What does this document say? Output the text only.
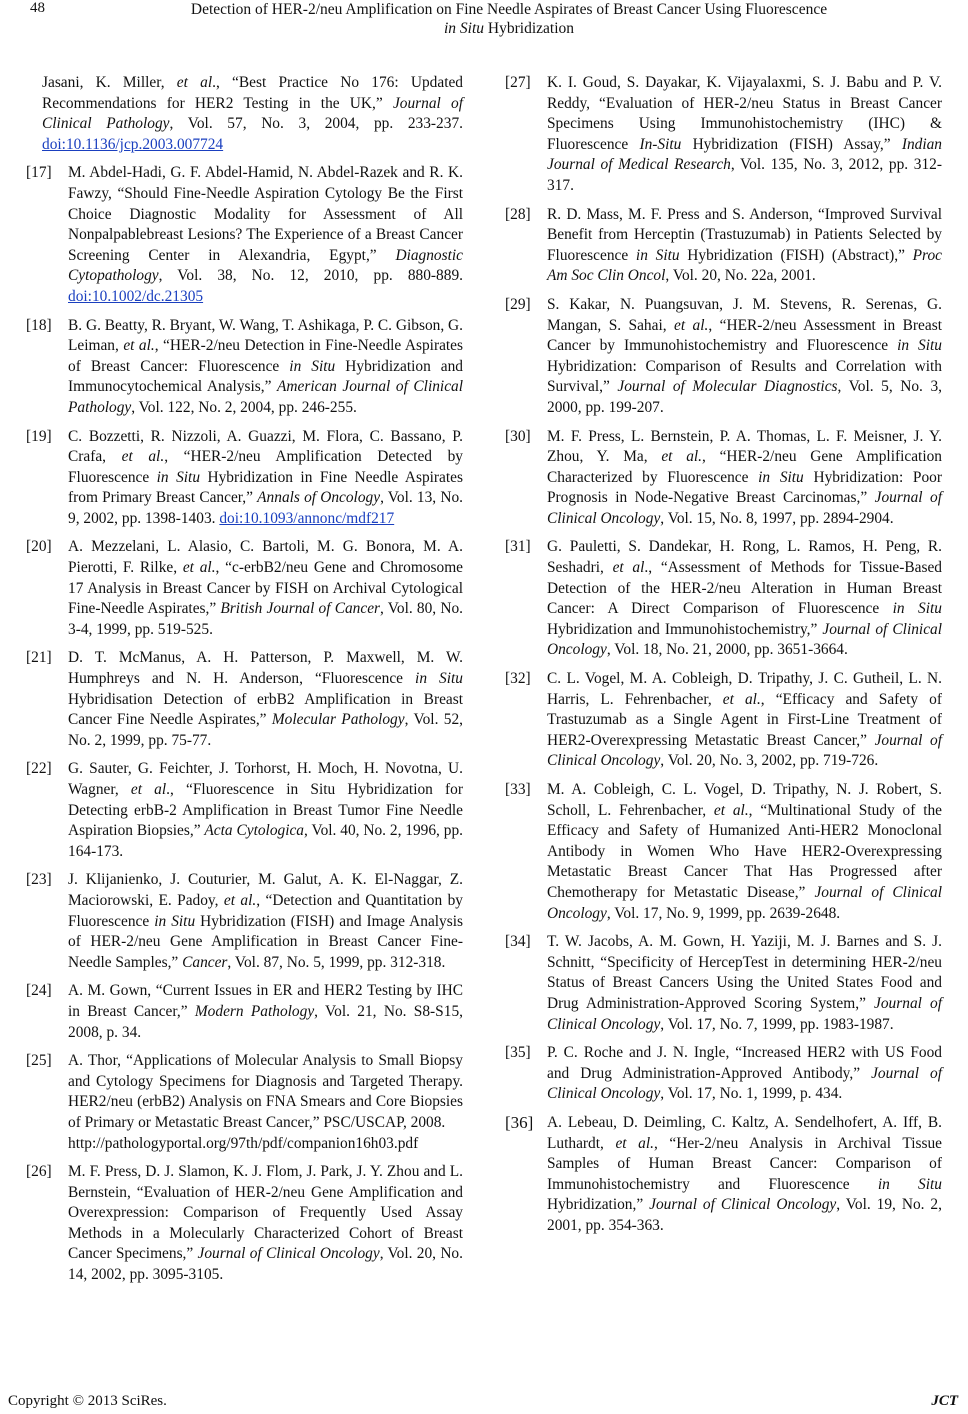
48	Detection of HER-2/neu Amplification on Fine Needle Aspirates of Breast Cancer Using Fluorescence
in Situ Hybridization
Jasani, K. Miller, et al., “Best Practice No 176: Updated Recommendations for HER2 Testing in the UK,” Journal of Clinical Pathology, Vol. 57, No. 3, 2004, pp. 233-237. doi:10.1136/jcp.2003.007724
[17] M. Abdel-Hadi, G. F. Abdel-Hamid, N. Abdel-Razek and R. K. Fawzy, “Should Fine-Needle Aspiration Cytology Be the First Choice Diagnostic Modality for Assessment of All Nonpalpablebreast Lesions? The Experience of a Breast Cancer Screening Center in Alexandria, Egypt,” Diagnostic Cytopathology, Vol. 38, No. 12, 2010, pp. 880-889. doi:10.1002/dc.21305
[18] B. G. Beatty, R. Bryant, W. Wang, T. Ashikaga, P. C. Gibson, G. Leiman, et al., “HER-2/neu Detection in Fine-Needle Aspirates of Breast Cancer: Fluorescence in Situ Hybridization and Immunocytochemical Analysis,” American Journal of Clinical Pathology, Vol. 122, No. 2, 2004, pp. 246-255.
[19] C. Bozzetti, R. Nizzoli, A. Guazzi, M. Flora, C. Bassano, P. Crafa, et al., “HER-2/neu Amplification Detected by Fluorescence in Situ Hybridization in Fine Needle Aspirates from Primary Breast Cancer,” Annals of Oncology, Vol. 13, No. 9, 2002, pp. 1398-1403. doi:10.1093/annonc/mdf217
[20] A. Mezzelani, L. Alasio, C. Bartoli, M. G. Bonora, M. A. Pierotti, F. Rilke, et al., “c-erbB2/neu Gene and Chromosome 17 Analysis in Breast Cancer by FISH on Archival Cytological Fine-Needle Aspirates,” British Journal of Cancer, Vol. 80, No. 3-4, 1999, pp. 519-525.
[21] D. T. McManus, A. H. Patterson, P. Maxwell, M. W. Humphreys and N. H. Anderson, “Fluorescence in Situ Hybridisation Detection of erbB2 Amplification in Breast Cancer Fine Needle Aspirates,” Molecular Pathology, Vol. 52, No. 2, 1999, pp. 75-77.
[22] G. Sauter, G. Feichter, J. Torhorst, H. Moch, H. Novotna, U. Wagner, et al., “Fluorescence in Situ Hybridization for Detecting erbB-2 Amplification in Breast Tumor Fine Needle Aspiration Biopsies,” Acta Cytologica, Vol. 40, No. 2, 1996, pp. 164-173.
[23] J. Klijanienko, J. Couturier, M. Galut, A. K. El-Naggar, Z. Maciorowski, E. Padoy, et al., “Detection and Quantitation by Fluorescence in Situ Hybridization (FISH) and Image Analysis of HER-2/neu Gene Amplification in Breast Cancer Fine-Needle Samples,” Cancer, Vol. 87, No. 5, 1999, pp. 312-318.
[24] A. M. Gown, “Current Issues in ER and HER2 Testing by IHC in Breast Cancer,” Modern Pathology, Vol. 21, No. S8-S15, 2008, p. 34.
[25] A. Thor, “Applications of Molecular Analysis to Small Biopsy and Cytology Specimens for Diagnosis and Targeted Therapy. HER2/neu (erbB2) Analysis on FNA Smears and Core Biopsies of Primary or Metastatic Breast Cancer,” PSC/USCAP, 2008.
http://pathologyportal.org/97th/pdf/companion16h03.pdf
[26] M. F. Press, D. J. Slamon, K. J. Flom, J. Park, J. Y. Zhou and L. Bernstein, “Evaluation of HER-2/neu Gene Amplification and Overexpression: Comparison of Frequently Used Assay Methods in a Molecularly Characterized Cohort of Breast Cancer Specimens,” Journal of Clinical Oncology, Vol. 20, No. 14, 2002, pp. 3095-3105.
[27] K. I. Goud, S. Dayakar, K. Vijayalaxmi, S. J. Babu and P. V. Reddy, “Evaluation of HER-2/neu Status in Breast Cancer Specimens Using Immunohistochemistry (IHC) & Fluorescence In-Situ Hybridization (FISH) Assay,” Indian Journal of Medical Research, Vol. 135, No. 3, 2012, pp. 312-317.
[28] R. D. Mass, M. F. Press and S. Anderson, “Improved Survival Benefit from Herceptin (Trastuzumab) in Patients Selected by Fluorescence in Situ Hybridization (FISH) (Abstract),” Proc Am Soc Clin Oncol, Vol. 20, No. 22a, 2001.
[29] S. Kakar, N. Puangsuvan, J. M. Stevens, R. Serenas, G. Mangan, S. Sahai, et al., “HER-2/neu Assessment in Breast Cancer by Immunohistochemistry and Fluorescence in Situ Hybridization: Comparison of Results and Correlation with Survival,” Journal of Molecular Diagnostics, Vol. 5, No. 3, 2000, pp. 199-207.
[30] M. F. Press, L. Bernstein, P. A. Thomas, L. F. Meisner, J. Y. Zhou, Y. Ma, et al., “HER-2/neu Gene Amplification Characterized by Fluorescence in Situ Hybridization: Poor Prognosis in Node-Negative Breast Carcinomas,” Journal of Clinical Oncology, Vol. 15, No. 8, 1997, pp. 2894-2904.
[31] G. Pauletti, S. Dandekar, H. Rong, L. Ramos, H. Peng, R. Seshadri, et al., “Assessment of Methods for Tissue-Based Detection of the HER-2/neu Alteration in Human Breast Cancer: A Direct Comparison of Fluorescence in Situ Hybridization and Immunohistochemistry,” Journal of Clinical Oncology, Vol. 18, No. 21, 2000, pp. 3651-3664.
[32] C. L. Vogel, M. A. Cobleigh, D. Tripathy, J. C. Gutheil, L. N. Harris, L. Fehrenbacher, et al., “Efficacy and Safety of Trastuzumab as a Single Agent in First-Line Treatment of HER2-Overexpressing Metastatic Breast Cancer,” Journal of Clinical Oncology, Vol. 20, No. 3, 2002, pp. 719-726.
[33] M. A. Cobleigh, C. L. Vogel, D. Tripathy, N. J. Robert, S. Scholl, L. Fehrenbacher, et al., “Multinational Study of the Efficacy and Safety of Humanized Anti-HER2 Monoclonal Antibody in Women Who Have HER2-Overexpressing Metastatic Breast Cancer That Has Progressed after Chemotherapy for Metastatic Disease,” Journal of Clinical Oncology, Vol. 17, No. 9, 1999, pp. 2639-2648.
[34] T. W. Jacobs, A. M. Gown, H. Yaziji, M. J. Barnes and S. J. Schnitt, “Specificity of HercepTest in determining HER-2/neu Status of Breast Cancers Using the United States Food and Drug Administration-Approved Scoring System,” Journal of Clinical Oncology, Vol. 17, No. 7, 1999, pp. 1983-1987.
[35] P. C. Roche and J. N. Ingle, “Increased HER2 with US Food and Drug Administration-Approved Antibody,” Journal of Clinical Oncology, Vol. 17, No. 1, 1999, p. 434.
[36] A. Lebeau, D. Deimling, C. Kaltz, A. Sendelhofert, A. Iff, B. Luthardt, et al., “Her-2/neu Analysis in Archival Tissue Samples of Human Breast Cancer: Comparison of Immunohistochemistry and Fluorescence in Situ Hybridization,” Journal of Clinical Oncology, Vol. 19, No. 2, 2001, pp. 354-363.
Copyright © 2013 SciRes.	JCT
